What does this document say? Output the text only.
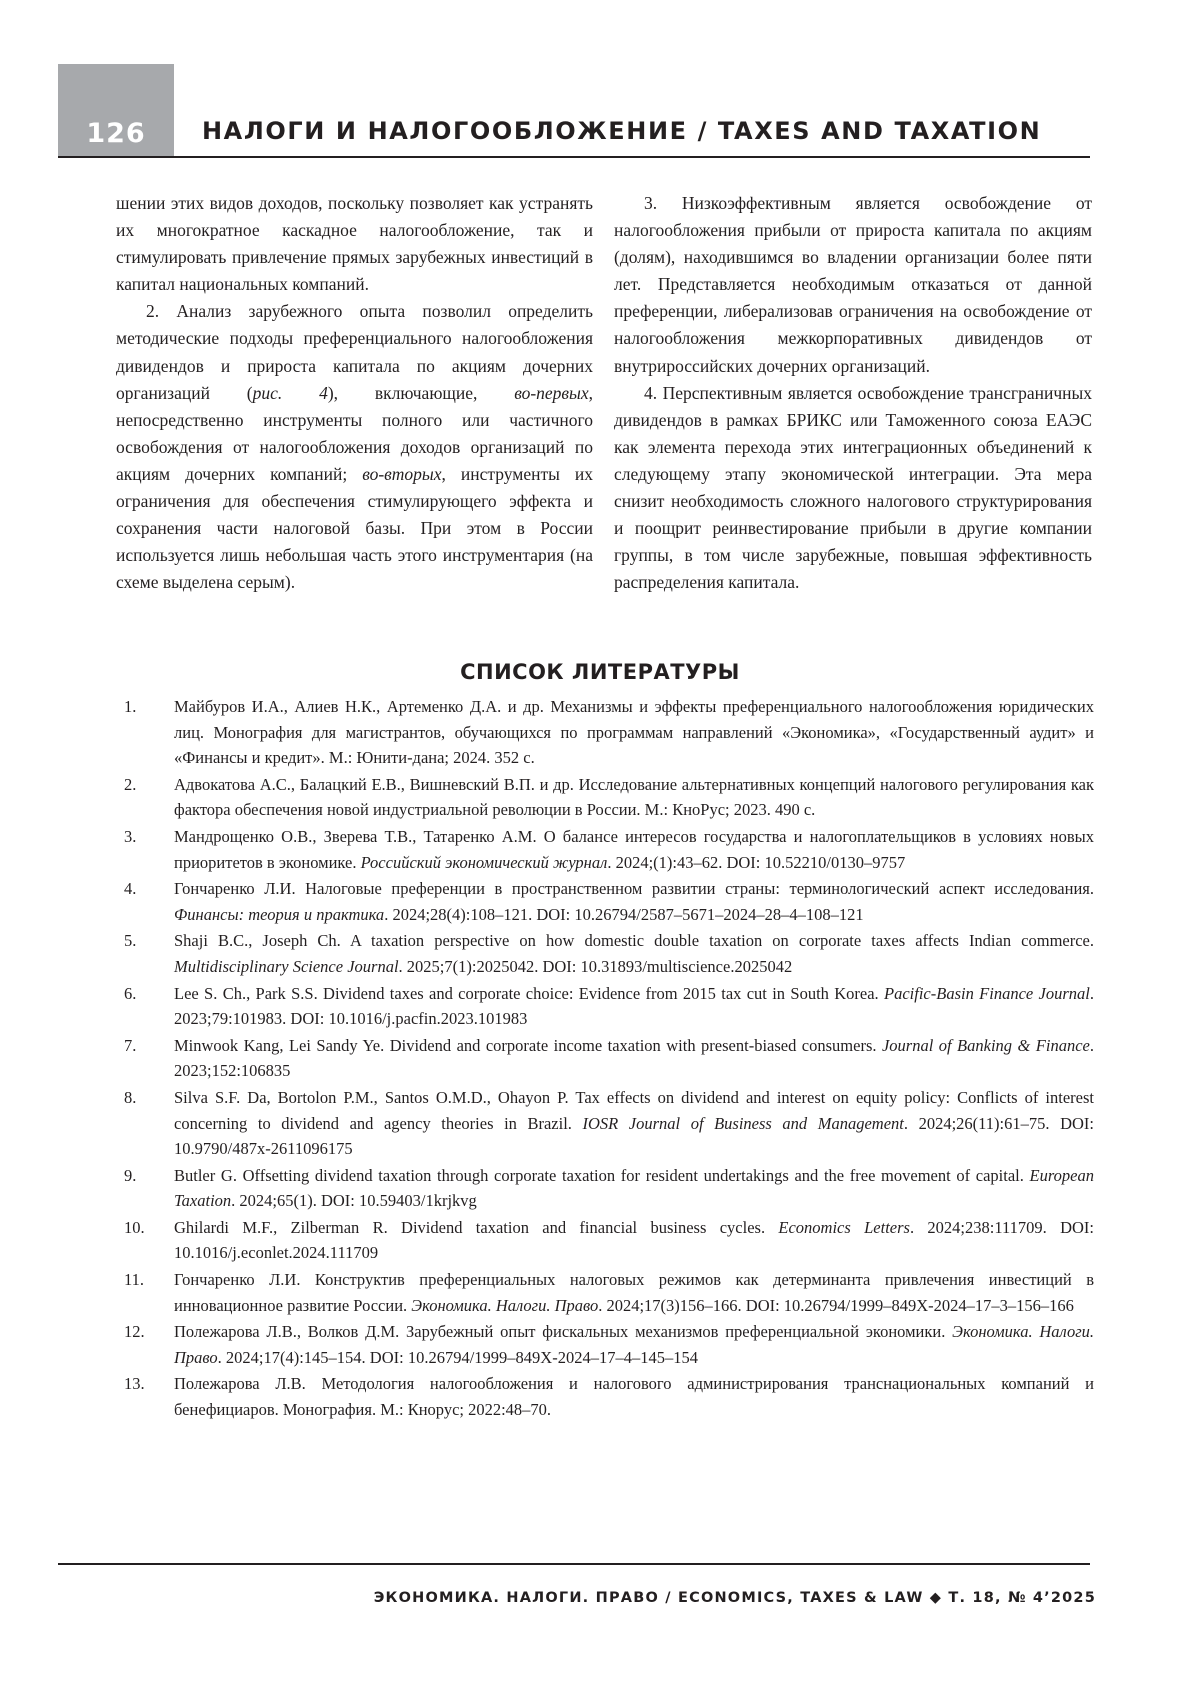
126	НАЛОГИ И НАЛОГООБЛОЖЕНИЕ / TAXES AND TAXATION

шении этих видов доходов, поскольку позволяет как устранять их многократное каскадное налогообложение, так и стимулировать привлечение прямых зарубежных инвестиций в капитал национальных компаний.

2. Анализ зарубежного опыта позволил определить методические подходы преференциального налогообложения дивидендов и прироста капитала по акциям дочерних организаций (рис. 4), включающие, во-первых, непосредственно инструменты полного или частичного освобождения от налогообложения доходов организаций по акциям дочерних компаний; во-вторых, инструменты их ограничения для обеспечения стимулирующего эффекта и сохранения части налоговой базы. При этом в России используется лишь небольшая часть этого инструментария (на схеме выделена серым).

3. Низкоэффективным является освобождение от налогообложения прибыли от прироста капитала по акциям (долям), находившимся во владении организации более пяти лет. Представляется необходимым отказаться от данной преференции, либерализовав ограничения на освобождение от налогообложения межкорпоративных дивидендов от внутрироссийских дочерних организаций.

4. Перспективным является освобождение трансграничных дивидендов в рамках БРИКС или Таможенного союза ЕАЭС как элемента перехода этих интеграционных объединений к следующему этапу экономической интеграции. Эта мера снизит необходимость сложного налогового структурирования и поощрит реинвестирование прибыли в другие компании группы, в том числе зарубежные, повышая эффективность распределения капитала.

СПИСОК ЛИТЕРАТУРЫ
1.	Майбуров И.А., Алиев Н.К., Артеменко Д.А. и др. Механизмы и эффекты преференциального налогообложения юридических лиц. Монография для магистрантов, обучающихся по программам направлений «Экономика», «Государственный аудит» и «Финансы и кредит». М.: Юнити-дана; 2024. 352 с.
2.	Адвокатова А.С., Балацкий Е.В., Вишневский В.П. и др. Исследование альтернативных концепций налогового регулирования как фактора обеспечения новой индустриальной революции в России. М.: КноРус; 2023. 490 с.
3.	Мандрощенко О.В., Зверева Т.В., Татаренко А.М. О балансе интересов государства и налогоплательщиков в условиях новых приоритетов в экономике. Российский экономический журнал. 2024;(1):43–62. DOI: 10.52210/0130–9757
4.	Гончаренко Л.И. Налоговые преференции в пространственном развитии страны: терминологический аспект исследования. Финансы: теория и практика. 2024;28(4):108–121. DOI: 10.26794/2587–5671–2024–28–4–108–121
5.	Shaji B.C., Joseph Ch. A taxation perspective on how domestic double taxation on corporate taxes affects Indian commerce. Multidisciplinary Science Journal. 2025;7(1):2025042. DOI: 10.31893/multiscience.2025042
6.	Lee S. Ch., Park S.S. Dividend taxes and corporate choice: Evidence from 2015 tax cut in South Korea. Pacific-Basin Finance Journal. 2023;79:101983. DOI: 10.1016/j.pacfin.2023.101983
7.	Minwook Kang, Lei Sandy Ye. Dividend and corporate income taxation with present-biased consumers. Journal of Banking & Finance. 2023;152:106835
8.	Silva S.F. Da, Bortolon P.M., Santos O.M.D., Ohayon P. Tax effects on dividend and interest on equity policy: Conflicts of interest concerning to dividend and agency theories in Brazil. IOSR Journal of Business and Management. 2024;26(11):61–75. DOI: 10.9790/487x-2611096175
9.	Butler G. Offsetting dividend taxation through corporate taxation for resident undertakings and the free movement of capital. European Taxation. 2024;65(1). DOI: 10.59403/1krjkvg
10.	Ghilardi M.F., Zilberman R. Dividend taxation and financial business cycles. Economics Letters. 2024;238:111709. DOI: 10.1016/j.econlet.2024.111709
11.	Гончаренко Л.И. Конструктив преференциальных налоговых режимов как детерминанта привлечения инвестиций в инновационное развитие России. Экономика. Налоги. Право. 2024;17(3)156–166. DOI: 10.26794/1999–849X-2024–17–3–156–166
12.	Полежарова Л.В., Волков Д.М. Зарубежный опыт фискальных механизмов преференциальной экономики. Экономика. Налоги. Право. 2024;17(4):145–154. DOI: 10.26794/1999–849X-2024–17–4–145–154
13.	Полежарова Л.В. Методология налогообложения и налогового администрирования транснациональных компаний и бенефициаров. Монография. М.: Кнорус; 2022:48–70.
ЭКОНОМИКА. НАЛОГИ. ПРАВО / ECONOMICS, TAXES & LAW ◆ Т. 18, № 4’2025
